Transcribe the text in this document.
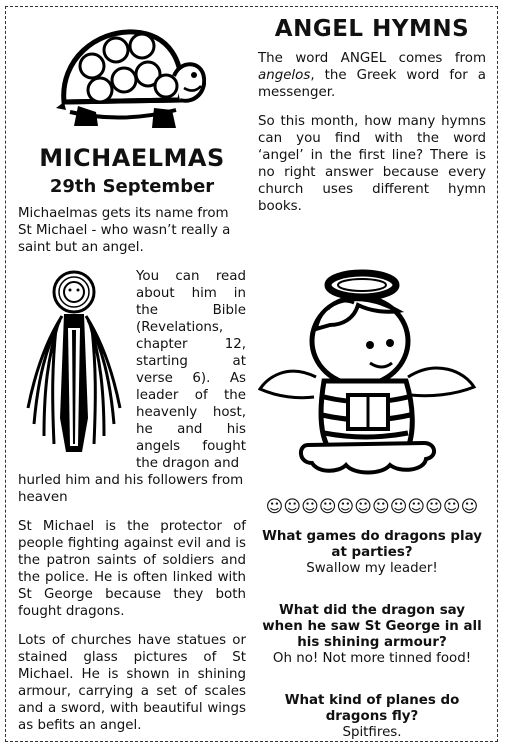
MICHAELMAS
29th September

Michaelmas gets its name from St Michael - who wasn’t really a saint but an angel.

You can read about him in the Bible (Revelations, chapter 12, starting at verse 6). As leader of the heavenly host, he and his angels fought the dragon and

hurled him and his followers from heaven

St Michael is the protector of people fighting against evil and is the patron saints of soldiers and the police. He is often linked with St George because they both fought dragons.

Lots of churches have statues or stained glass pictures of St Michael. He is shown in shining armour, carrying a set of scales and a sword, with beautiful wings as befits an angel.

ANGEL HYMNS

The word ANGEL comes from angelos, the Greek word for a messenger.

So this month, how many hymns can you find with the word ‘angel’ in the first line? There is no right answer because every church uses different hymn books.

☺☺☺☺☺☺☺☺☺☺☺☺
What games do dragons play at parties?
Swallow my leader!
What did the dragon say when he saw St George in all his shining armour?
Oh no! Not more tinned food!
What kind of planes do dragons fly?
Spitfires.
